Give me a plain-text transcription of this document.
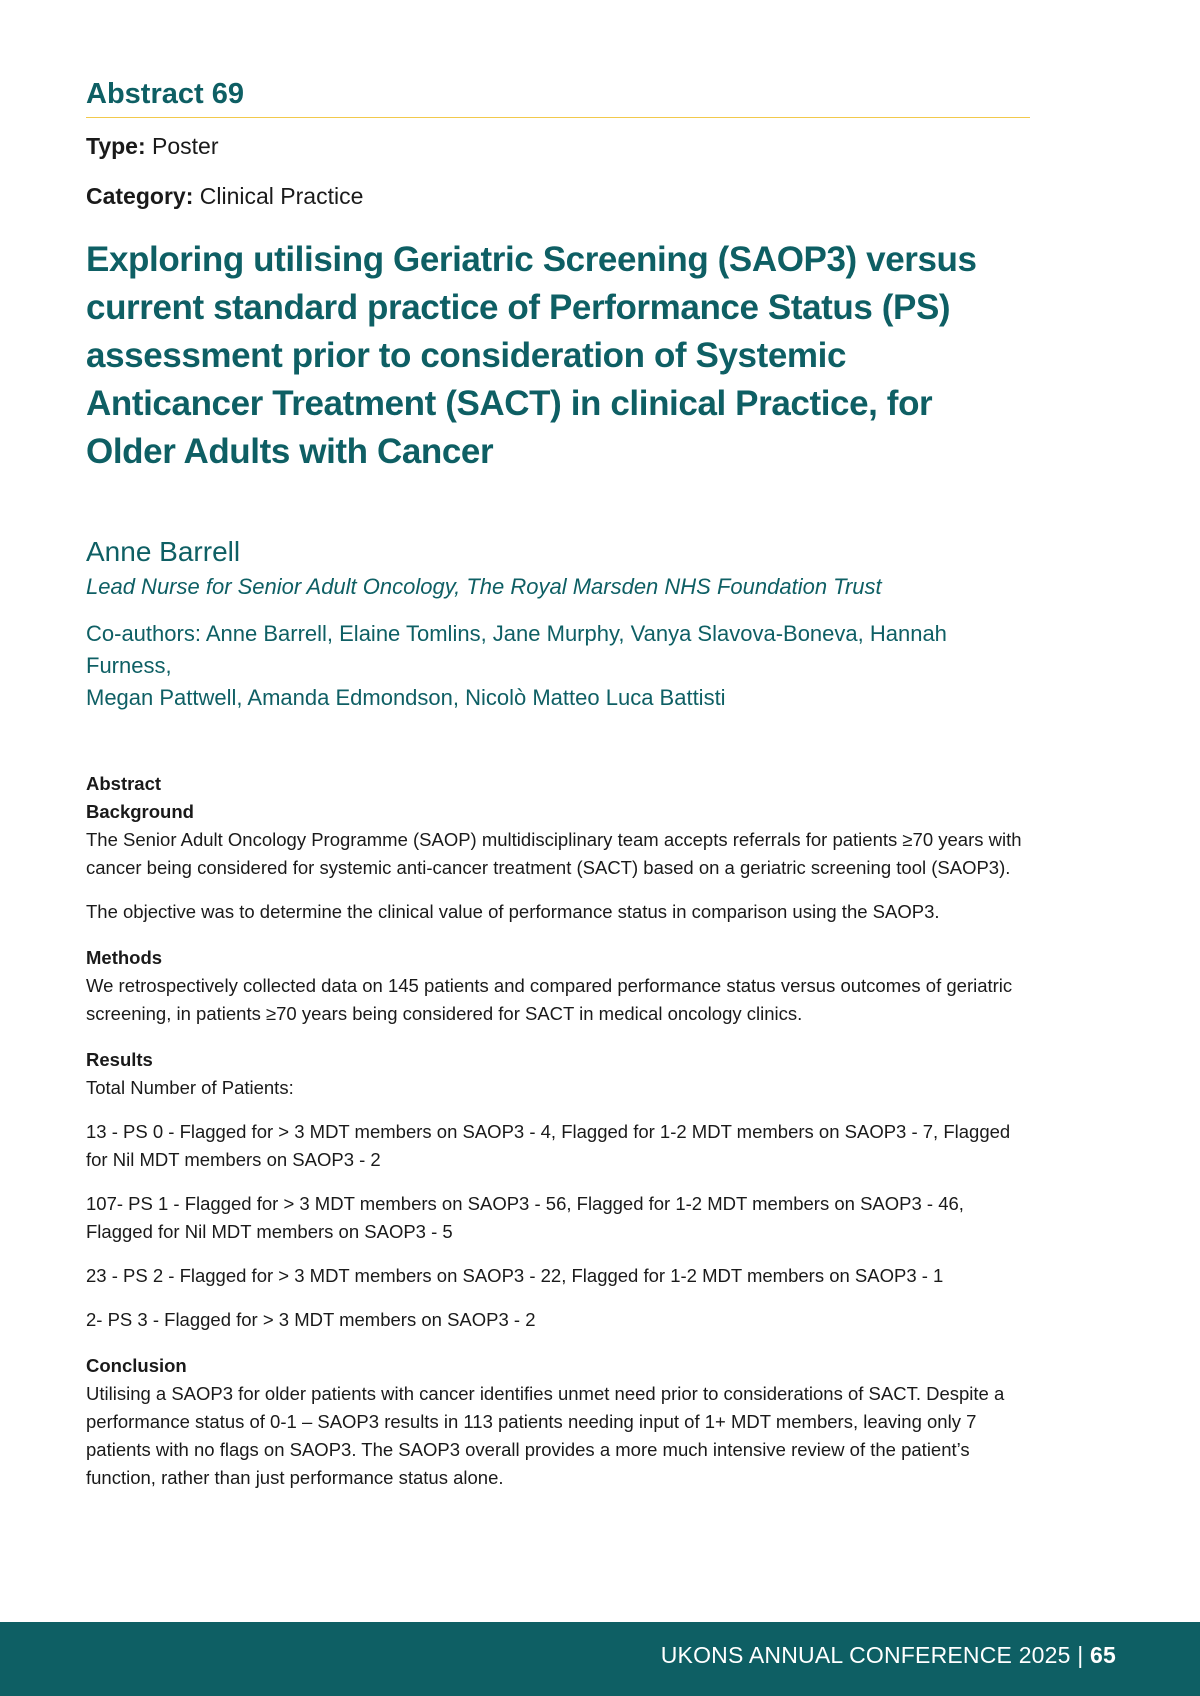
Abstract 69
Type: Poster
Category: Clinical Practice
Exploring utilising Geriatric Screening (SAOP3) versus current standard practice of Performance Status (PS) assessment prior to consideration of Systemic Anticancer Treatment (SACT) in clinical Practice, for Older Adults with Cancer
Anne Barrell
Lead Nurse for Senior Adult Oncology, The Royal Marsden NHS Foundation Trust
Co-authors: Anne Barrell, Elaine Tomlins, Jane Murphy, Vanya Slavova-Boneva, Hannah Furness,
Megan Pattwell, Amanda Edmondson, Nicolò Matteo Luca Battisti

Abstract

Background

The Senior Adult Oncology Programme (SAOP) multidisciplinary team accepts referrals for patients ≥70 years with cancer being considered for systemic anti-cancer treatment (SACT) based on a geriatric screening tool (SAOP3).

The objective was to determine the clinical value of performance status in comparison using the SAOP3.

Methods

We retrospectively collected data on 145 patients and compared performance status versus outcomes of geriatric screening, in patients ≥70 years being considered for SACT in medical oncology clinics.

Results

Total Number of Patients:

13 - PS 0 - Flagged for > 3 MDT members on SAOP3 - 4, Flagged for 1-2 MDT members on SAOP3 - 7, Flagged for Nil MDT members on SAOP3 - 2

107- PS 1 - Flagged for > 3 MDT members on SAOP3 - 56, Flagged for 1-2 MDT members on SAOP3 - 46, Flagged for Nil MDT members on SAOP3 - 5

23 - PS 2 - Flagged for > 3 MDT members on SAOP3 - 22, Flagged for 1-2 MDT members on SAOP3 - 1

2- PS 3 - Flagged for > 3 MDT members on SAOP3 - 2

Conclusion

Utilising a SAOP3 for older patients with cancer identifies unmet need prior to considerations of SACT. Despite a performance status of 0-1 – SAOP3 results in 113 patients needing input of 1+ MDT members, leaving only 7 patients with no flags on SAOP3. The SAOP3 overall provides a more much intensive review of the patient’s function, rather than just performance status alone.

UKONS ANNUAL CONFERENCE 2025 | 65
